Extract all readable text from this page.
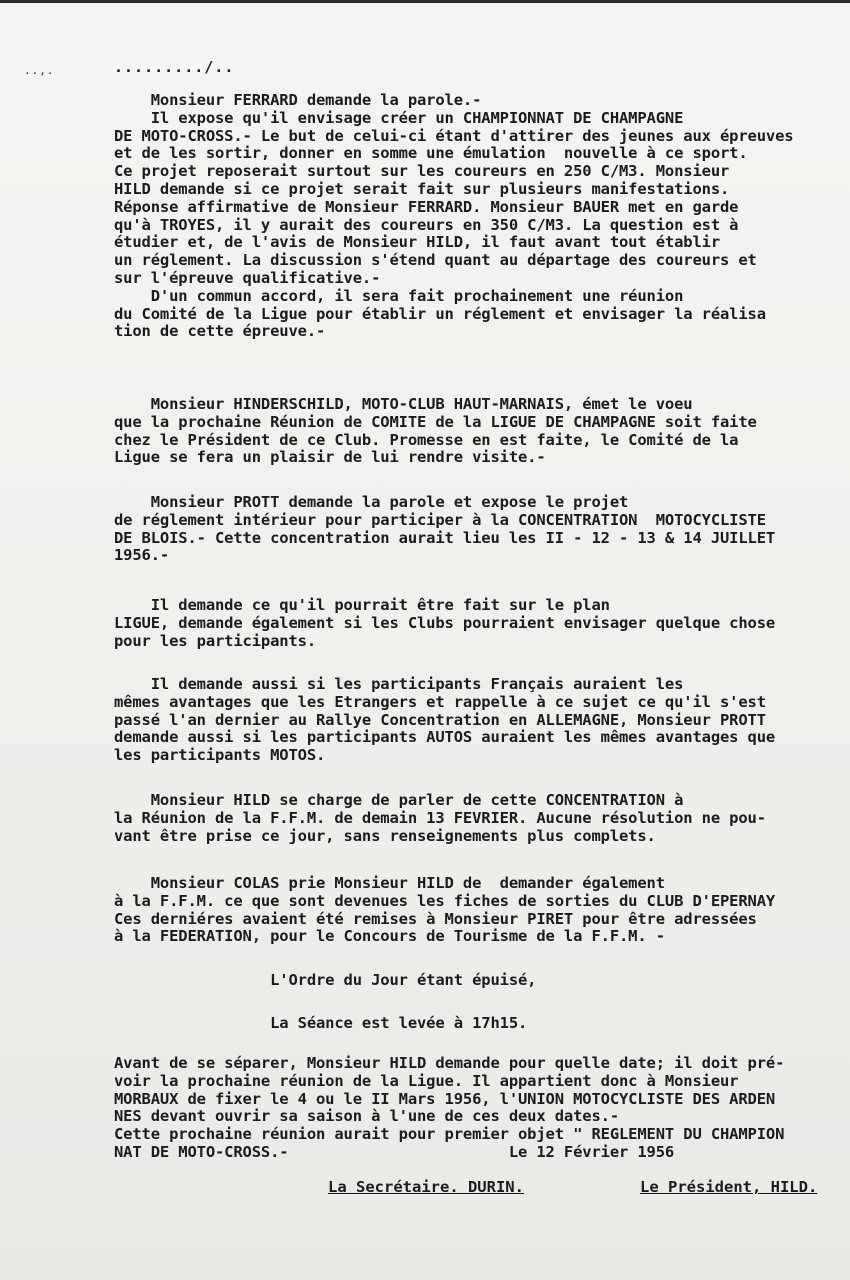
..,.	........./..
Monsieur FERRARD demande la parole.-
Il expose qu'il envisage créer un CHAMPIONNAT DE CHAMPAGNE
DE MOTO-CROSS.- Le but de celui-ci étant d'attirer des jeunes aux épreuves
et de les sortir, donner en somme une émulation  nouvelle à ce sport.
Ce projet reposerait surtout sur les coureurs en 250 C/M3. Monsieur
HILD demande si ce projet serait fait sur plusieurs manifestations.
Réponse affirmative de Monsieur FERRARD. Monsieur BAUER met en garde
qu'à TROYES, il y aurait des coureurs en 350 C/M3. La question est à
étudier et, de l'avis de Monsieur HILD, il faut avant tout établir
un réglement. La discussion s'étend quant au départage des coureurs et
sur l'épreuve qualificative.-
D'un commun accord, il sera fait prochainement une réunion
du Comité de la Ligue pour établir un réglement et envisager la réalisa
tion de cette épreuve.-
Monsieur HINDERSCHILD, MOTO-CLUB HAUT-MARNAIS, émet le voeu
que la prochaine Réunion de COMITE de la LIGUE DE CHAMPAGNE soit faite
chez le Président de ce Club. Promesse en est faite, le Comité de la
Ligue se fera un plaisir de lui rendre visite.-
Monsieur PROTT demande la parole et expose le projet
de réglement intérieur pour participer à la CONCENTRATION  MOTOCYCLISTE
DE BLOIS.- Cette concentration aurait lieu les II - 12 - 13 & 14 JUILLET
1956.-
Il demande ce qu'il pourrait être fait sur le plan
LIGUE, demande également si les Clubs pourraient envisager quelque chose
pour les participants.
Il demande aussi si les participants Français auraient les
mêmes avantages que les Etrangers et rappelle à ce sujet ce qu'il s'est
passé l'an dernier au Rallye Concentration en ALLEMAGNE, Monsieur PROTT
demande aussi si les participants AUTOS auraient les mêmes avantages que
les participants MOTOS.
Monsieur HILD se charge de parler de cette CONCENTRATION à
la Réunion de la F.F.M. de demain 13 FEVRIER. Aucune résolution ne pou-
vant être prise ce jour, sans renseignements plus complets.
Monsieur COLAS prie Monsieur HILD de  demander également
à la F.F.M. ce que sont devenues les fiches de sorties du CLUB D'EPERNAY
Ces derniéres avaient été remises à Monsieur PIRET pour être adressées
à la FEDERATION, pour le Concours de Tourisme de la F.F.M. -
L'Ordre du Jour étant épuisé,
La Séance est levée à 17h15.
Avant de se séparer, Monsieur HILD demande pour quelle date; il doit pré-
voir la prochaine réunion de la Ligue. Il appartient donc à Monsieur
MORBAUX de fixer le 4 ou le II Mars 1956, l'UNION MOTOCYCLISTE DES ARDEN
NES devant ouvrir sa saison à l'une de ces deux dates.-
Cette prochaine réunion aurait pour premier objet " REGLEMENT DU CHAMPION
NAT DE MOTO-CROSS.-                        Le 12 Février 1956
La Secrétaire. DURIN.	Le Président, HILD.
